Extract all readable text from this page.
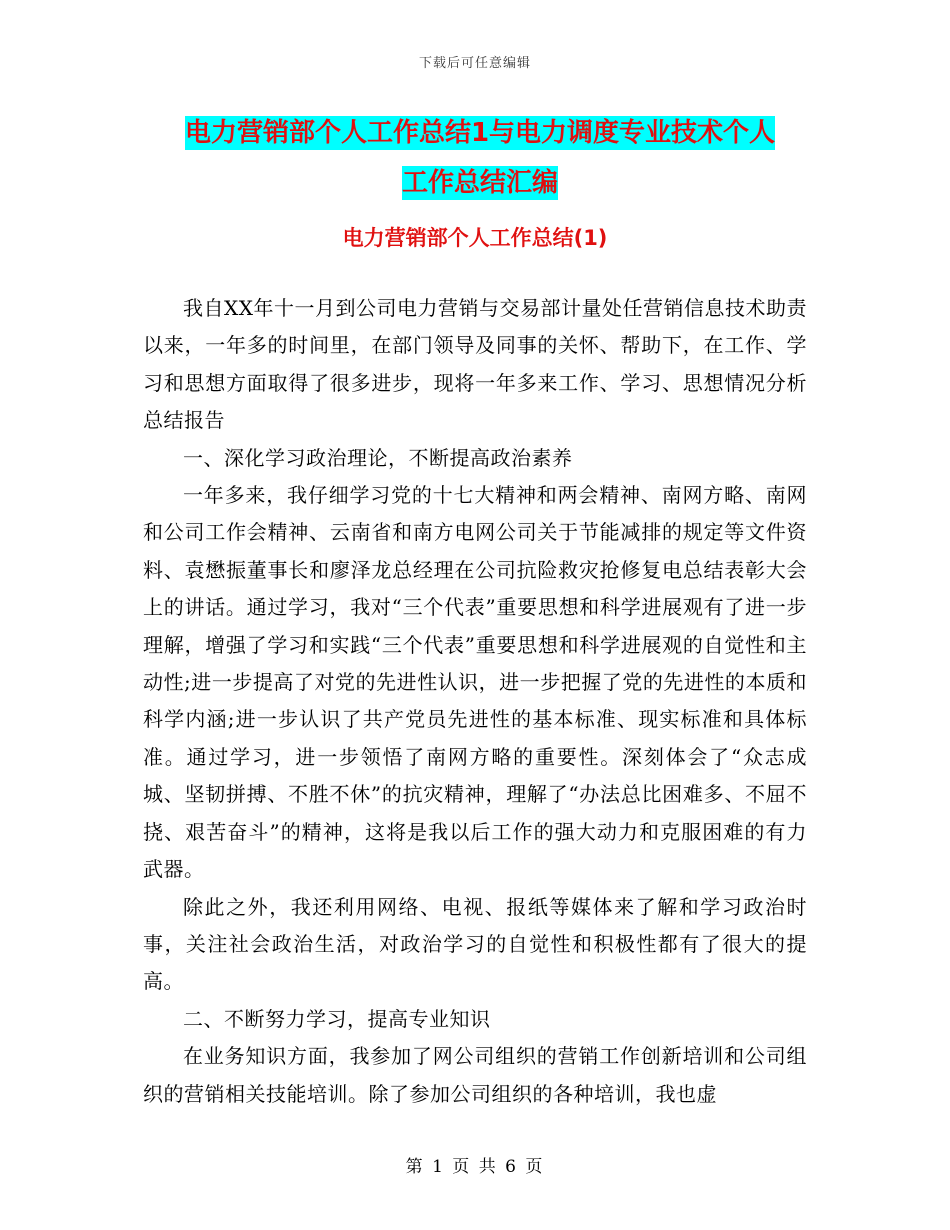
下载后可任意编辑
电力营销部个人工作总结1与电力调度专业技术个人
工作总结汇编
电力营销部个人工作总结(1)

我自XX年十一月到公司电力营销与交易部计量处任营销信息技术助责以来，一年多的时间里，在部门领导及同事的关怀、帮助下，在工作、学习和思想方面取得了很多进步，现将一年多来工作、学习、思想情况分析总结报告

一、深化学习政治理论，不断提高政治素养

一年多来，我仔细学习党的十七大精神和两会精神、南网方略、南网和公司工作会精神、云南省和南方电网公司关于节能减排的规定等文件资料、袁懋振董事长和廖泽龙总经理在公司抗险救灾抢修复电总结表彰大会上的讲话。通过学习，我对“三个代表”重要思想和科学进展观有了进一步理解，增强了学习和实践“三个代表”重要思想和科学进展观的自觉性和主动性;进一步提高了对党的先进性认识，进一步把握了党的先进性的本质和科学内涵;进一步认识了共产党员先进性的基本标准、现实标准和具体标准。通过学习，进一步领悟了南网方略的重要性。深刻体会了“众志成城、坚韧拼搏、不胜不休”的抗灾精神，理解了“办法总比困难多、不屈不挠、艰苦奋斗”的精神，这将是我以后工作的强大动力和克服困难的有力武器。

除此之外，我还利用网络、电视、报纸等媒体来了解和学习政治时事，关注社会政治生活，对政治学习的自觉性和积极性都有了很大的提高。

二、不断努力学习，提高专业知识

在业务知识方面，我参加了网公司组织的营销工作创新培训和公司组织的营销相关技能培训。除了参加公司组织的各种培训，我也虚

第 1 页 共 6 页
